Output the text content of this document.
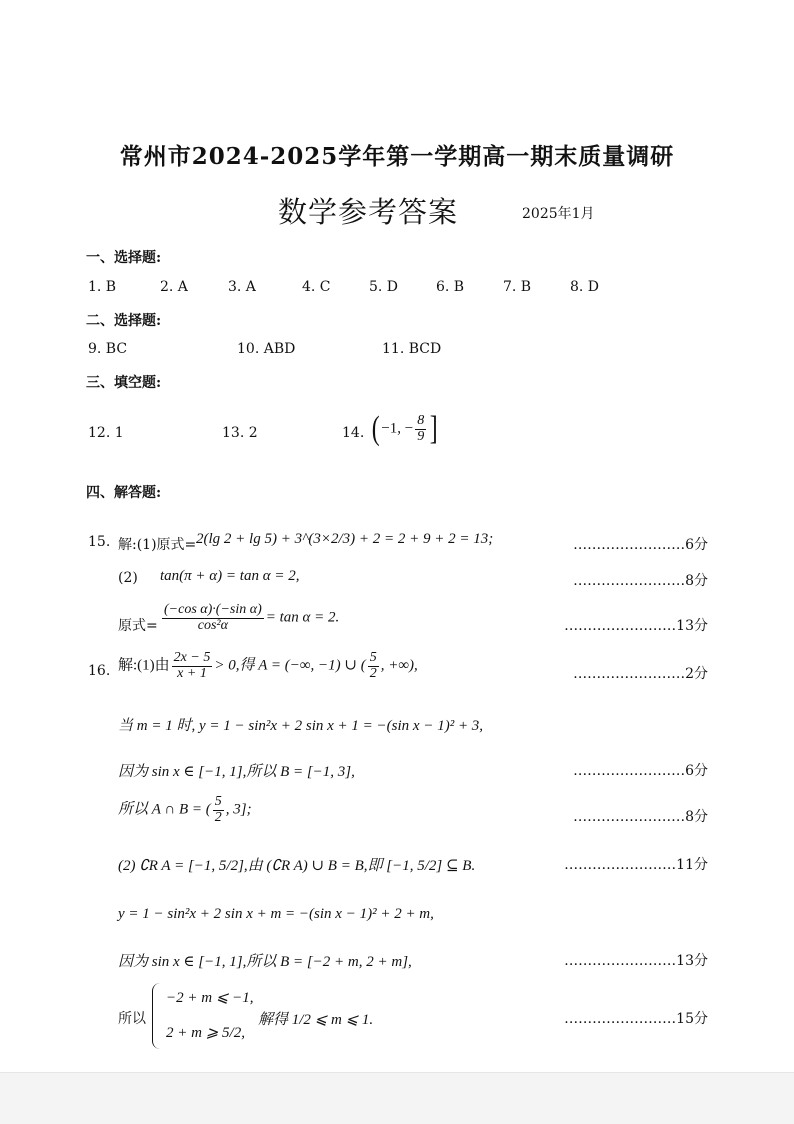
常州市2024-2025学年第一学期高一期末质量调研
数学参考答案	2025年1月
一、选择题:
1. B	2. A	3. A	4. C	5. D	6. B	7. B	8. D
二、选择题:
9. BC	10. ABD	11. BCD
三、填空题:
12. 1	13. 2	14. ( −1, − $\frac{8}{9}$ ]
四、解答题:
15. 解:(1)原式= 2(lg 2 + lg 5) + 3^(3×2/3) + 2 = 2 + 9 + 2 = 13;	……………………6分
(2) tan(π + α) = tan α = 2,	……………………8分
原式= $\frac{\text{(−cos α)·(−sin α)}}{\text{cos²α}} = \tan \alpha = 2$.
……………………13分
16. 解:(1)由 $\frac{2x - 5}{x + 1} > 0$,得 A = (−∞, −1) ∪ ( $\frac{5}{2}$ , +∞),
……………………2分
当 m = 1 时, y = 1 − sin²x + 2 sin x + 1 = −(sin x − 1)² + 3,
因为 sin x ∈ [−1, 1],所以 B = [−1, 3],	……………………6分
所以 A ∩ B = ( $\frac{5}{2}$ , 3];	……………………8分
(2) ∁R A = [−1, 5/2],由 (∁R A) ∪ B = B,即 [−1, 5/2] ⊆ B.	……………………11分
y = 1 − sin²x + 2 sin x + m = −(sin x − 1)² + 2 + m,
因为 sin x ∈ [−1, 1],所以 B = [−2 + m, 2 + m],	……………………13分
所以
−2 + m ⩽ −1,
2 + m ⩾ 5/2,
解得 1/2 ⩽ m ⩽ 1.	……………………15分
